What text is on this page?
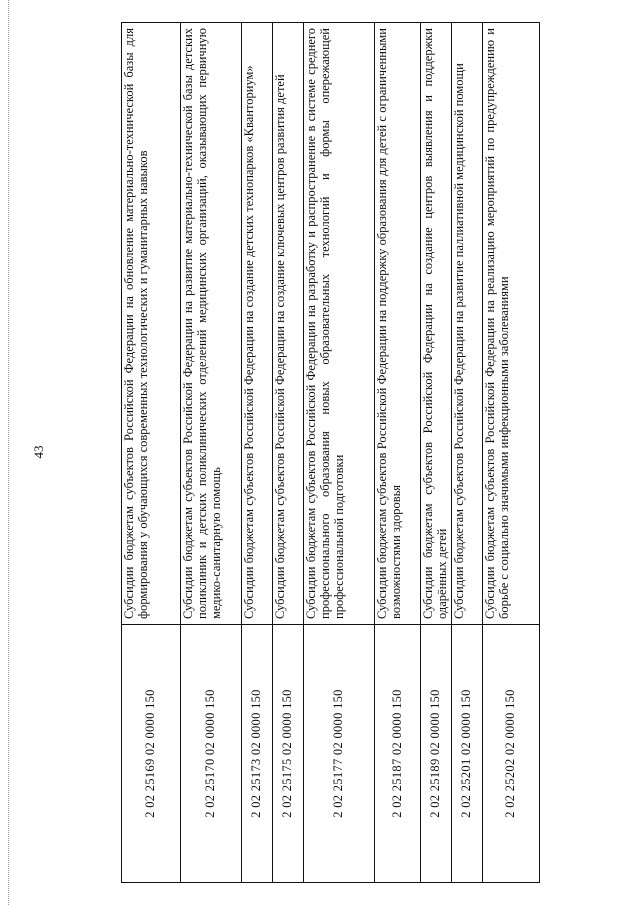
43
2 02 25169 02 0000 150	Субсидии бюджетам субъектов Российской Федерации на обновление материально-технической базы для формирования у обучающихся современных технологических и гуманитарных навыков
2 02 25170 02 0000 150	Субсидии бюджетам субъектов Российской Федерации на развитие материально-технической базы детских поликлиник и детских поликлинических отделений медицинских организаций, оказывающих первичную медико-санитарную помощь
2 02 25173 02 0000 150	Субсидии бюджетам субъектов Российской Федерации на создание детских технопарков «Кванториум»
2 02 25175 02 0000 150	Субсидии бюджетам субъектов Российской Федерации на создание ключевых центров развития детей
2 02 25177 02 0000 150	Субсидии бюджетам субъектов Российской Федерации на разработку и распространение в системе среднего профессионального образования новых образовательных технологий и формы опережающей профессиональной подготовки
2 02 25187 02 0000 150	Субсидии бюджетам субъектов Российской Федерации на поддержку образования для детей с ограниченными возможностями здоровья
2 02 25189 02 0000 150	Субсидии бюджетам субъектов Российской Федерации на создание центров выявления и поддержки одарённых детей
2 02 25201 02 0000 150	Субсидии бюджетам субъектов Российской Федерации на развитие паллиативной медицинской помощи
2 02 25202 02 0000 150	Субсидии бюджетам субъектов Российской Федерации на реализацию мероприятий по предупреждению и борьбе с социально значимыми инфекционными заболеваниями
